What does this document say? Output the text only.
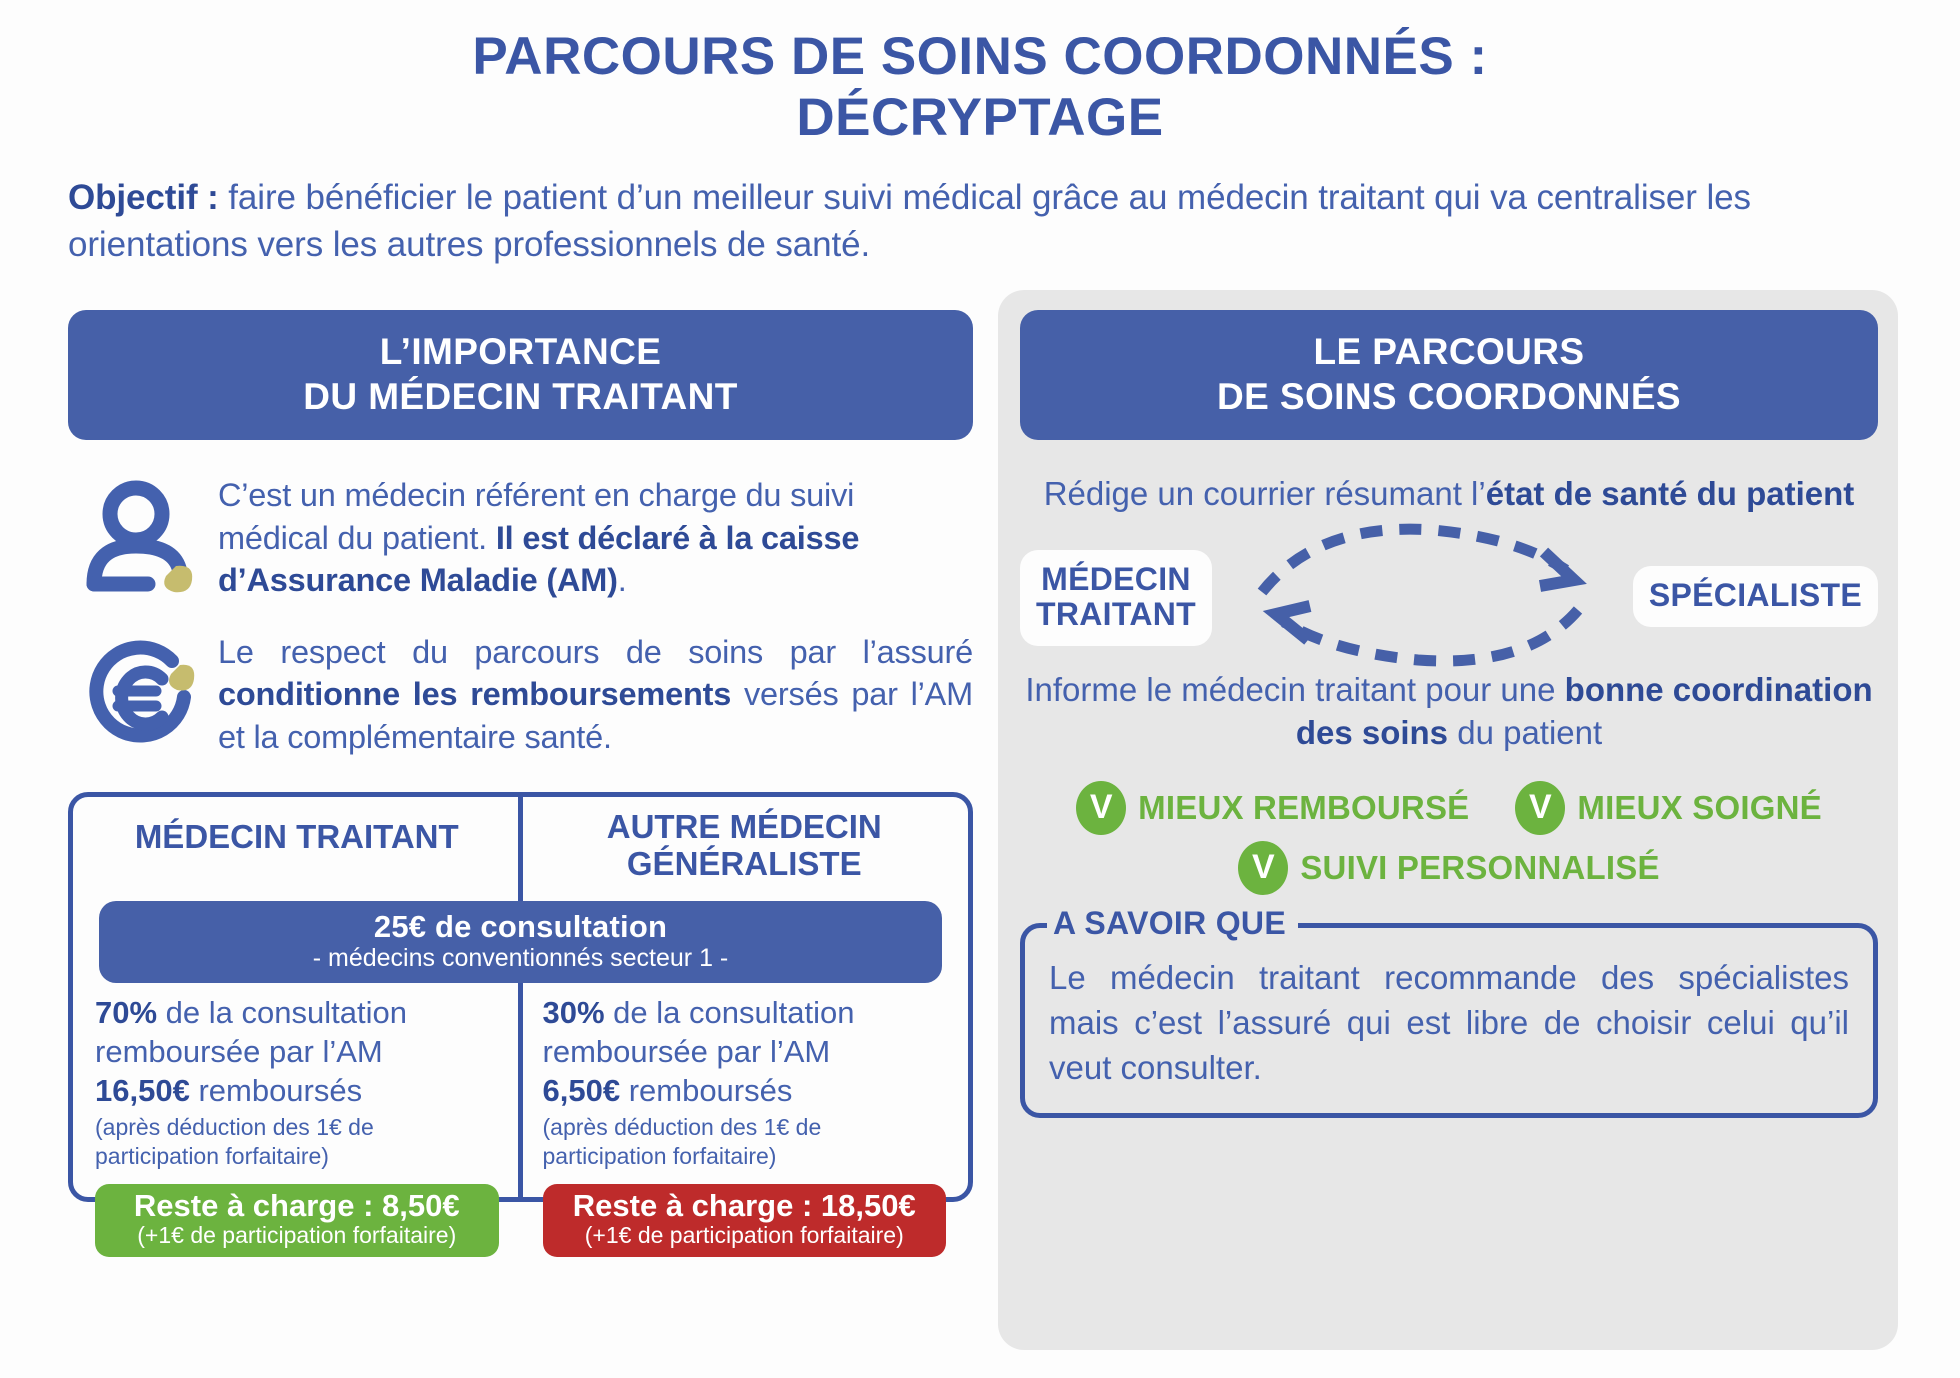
PARCOURS DE SOINS COORDONNÉS :
DÉCRYPTAGE
Objectif : faire bénéficier le patient d’un meilleur suivi médical grâce au médecin traitant qui va centraliser les orientations vers les autres professionnels de santé.
L’IMPORTANCE
DU MÉDECIN TRAITANT
C’est un médecin référent en charge du suivi médical du patient. Il est déclaré à la caisse d’Assurance Maladie (AM).
Le respect du parcours de soins par l’assuré conditionne les remboursements versés par l’AM et la complémentaire santé.
MÉDECIN TRAITANT	AUTRE MÉDECIN
GÉNÉRALISTE
25€ de consultation
- médecins conventionnés secteur 1 -
70% de la consultation remboursée par l’AM
16,50€ remboursés
(après déduction des 1€ de participation forfaitaire)
Reste à charge : 8,50€
(+1€ de participation forfaitaire)
30% de la consultation remboursée par l’AM
6,50€ remboursés
(après déduction des 1€ de participation forfaitaire)
Reste à charge : 18,50€
(+1€ de participation forfaitaire)
LE PARCOURS
DE SOINS COORDONNÉS
Rédige un courrier résumant l’état de santé du patient
MÉDECIN
TRAITANT
SPÉCIALISTE
Informe le médecin traitant pour une bonne coordination des soins du patient
V MIEUX REMBOURSÉ	V MIEUX SOIGNÉ
V SUIVI PERSONNALISÉ
A SAVOIR QUE
Le médecin traitant recommande des spécialistes mais c’est l’assuré qui est libre de choisir celui qu’il veut consulter.
